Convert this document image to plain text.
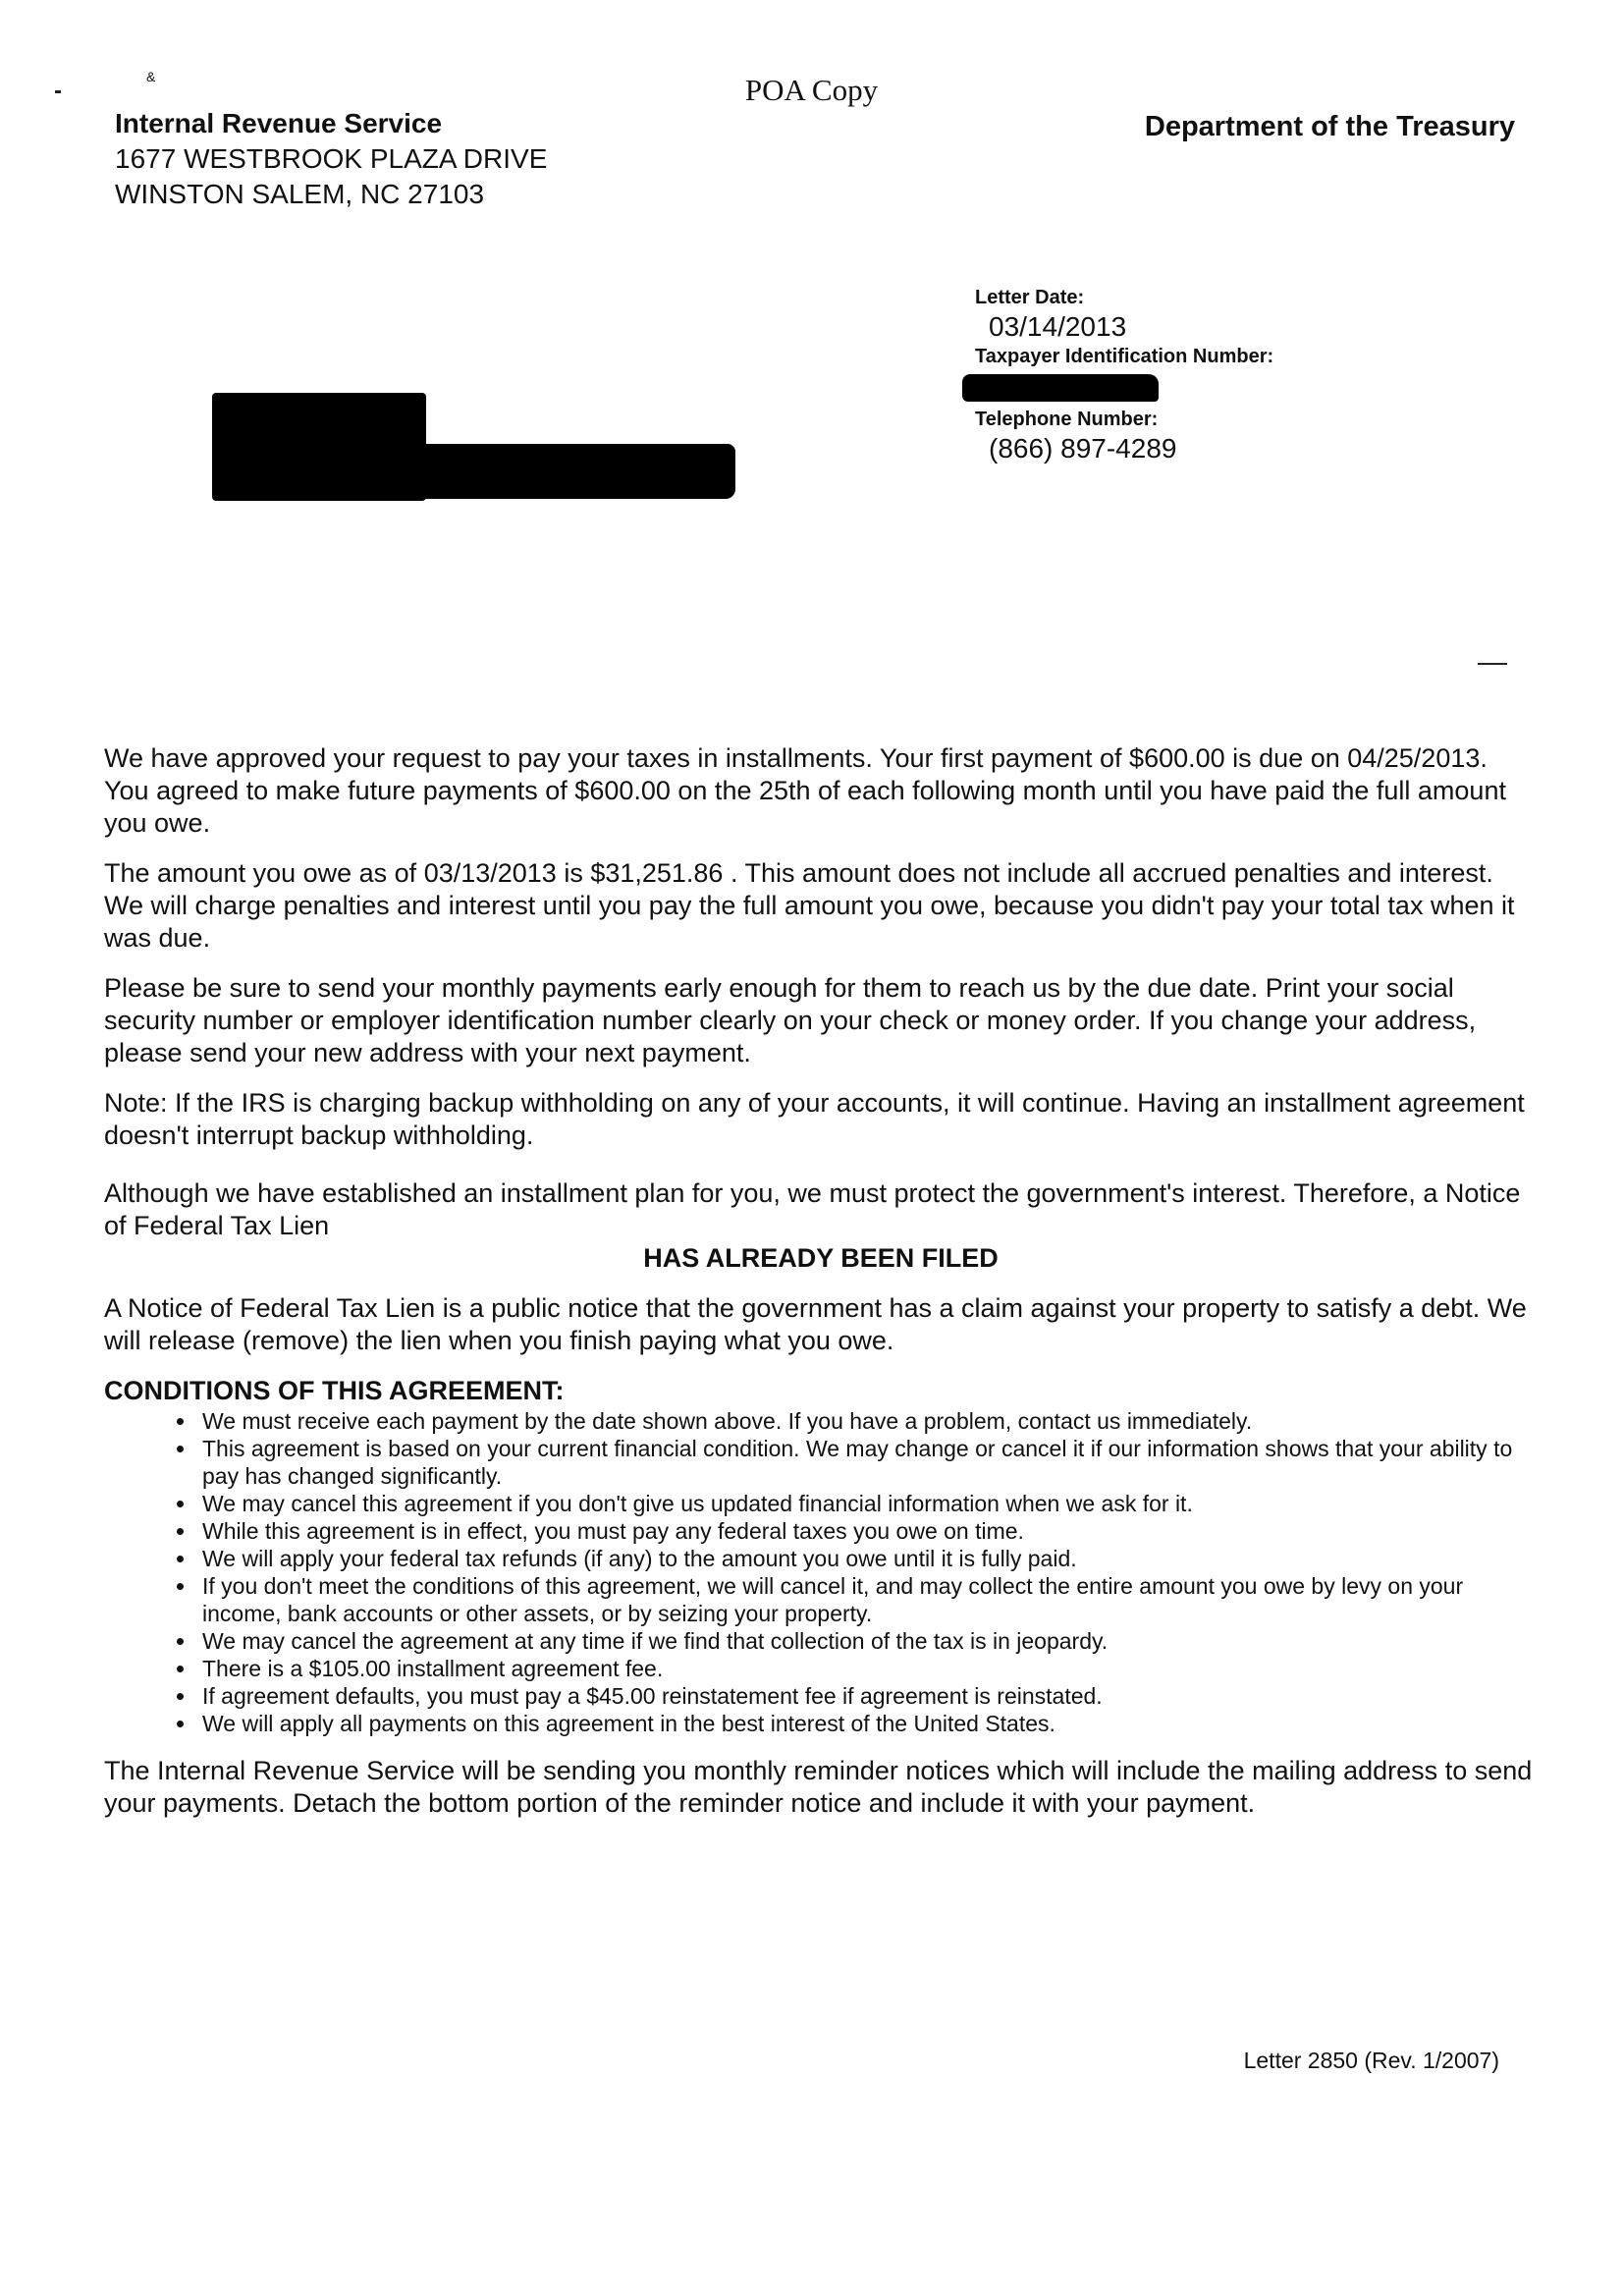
&	POA Copy
Internal Revenue Service
1677 WESTBROOK PLAZA DRIVE
WINSTON SALEM, NC 27103
Department of the Treasury
Letter Date:
03/14/2013
Taxpayer Identification Number:
Telephone Number:
(866) 897-4289

We have approved your request to pay your taxes in installments. Your first payment of $600.00 is due on 04/25/2013. You agreed to make future payments of $600.00 on the 25th of each following month until you have paid the full amount you owe.

The amount you owe as of 03/13/2013 is $31,251.86 . This amount does not include all accrued penalties and interest. We will charge penalties and interest until you pay the full amount you owe, because you didn't pay your total tax when it was due.

Please be sure to send your monthly payments early enough for them to reach us by the due date. Print your social security number or employer identification number clearly on your check or money order. If you change your address, please send your new address with your next payment.

Note: If the IRS is charging backup withholding on any of your accounts, it will continue. Having an installment agreement doesn't interrupt backup withholding.

Although we have established an installment plan for you, we must protect the government's interest. Therefore, a Notice of Federal Tax Lien

HAS ALREADY BEEN FILED

A Notice of Federal Tax Lien is a public notice that the government has a claim against your property to satisfy a debt. We will release (remove) the lien when you finish paying what you owe.

CONDITIONS OF THIS AGREEMENT:
• We must receive each payment by the date shown above. If you have a problem, contact us immediately.
• This agreement is based on your current financial condition. We may change or cancel it if our information shows that your ability to pay has changed significantly.
• We may cancel this agreement if you don't give us updated financial information when we ask for it.
• While this agreement is in effect, you must pay any federal taxes you owe on time.
• We will apply your federal tax refunds (if any) to the amount you owe until it is fully paid.
• If you don't meet the conditions of this agreement, we will cancel it, and may collect the entire amount you owe by levy on your income, bank accounts or other assets, or by seizing your property.
• We may cancel the agreement at any time if we find that collection of the tax is in jeopardy.
• There is a $105.00 installment agreement fee.
• If agreement defaults, you must pay a $45.00 reinstatement fee if agreement is reinstated.
• We will apply all payments on this agreement in the best interest of the United States.

The Internal Revenue Service will be sending you monthly reminder notices which will include the mailing address to send your payments. Detach the bottom portion of the reminder notice and include it with your payment.

Letter 2850 (Rev. 1/2007)
